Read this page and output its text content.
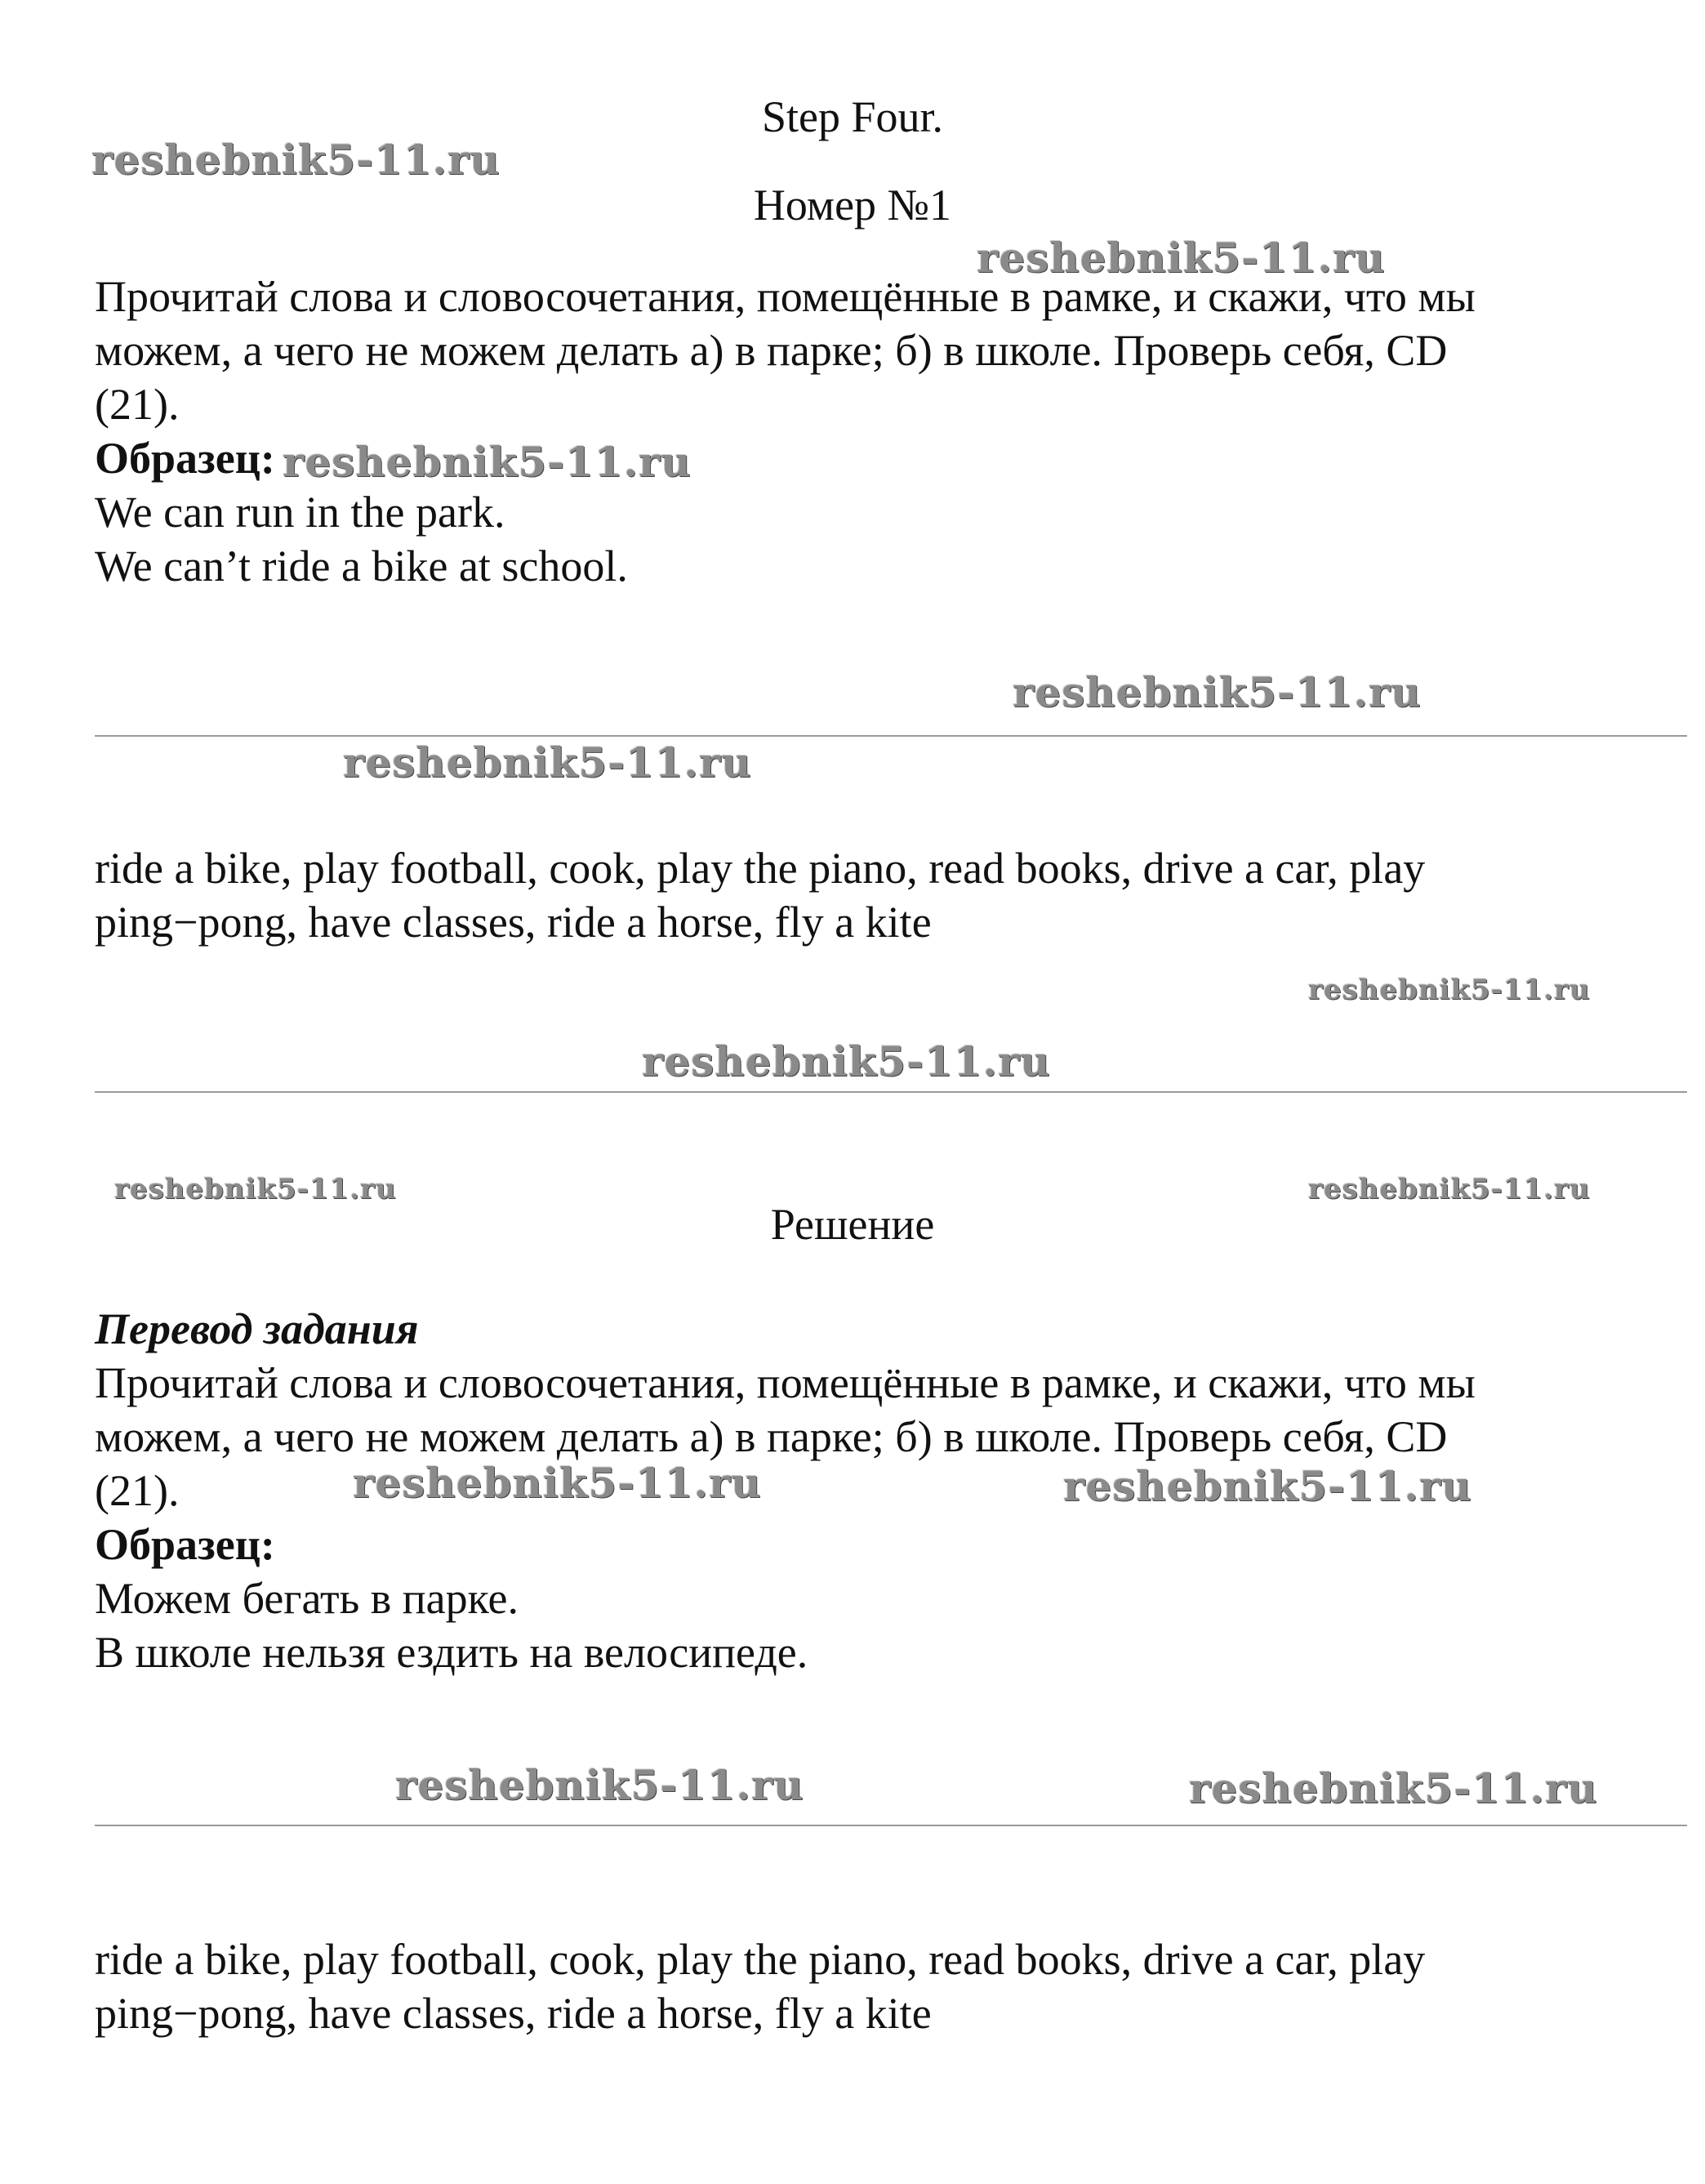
Step Four.
Номер №1
Прочитай слова и словосочетания, помещённые в рамке, и скажи, что мы
можем, а чего не можем делать а) в парке; б) в школе. Проверь себя, CD
(21).
Образец:
We can run in the park.
We can’t ride a bike at school.
ride a bike, play football, cook, play the piano, read books, drive a car, play
ping−pong, have classes, ride a horse, fly a kite
Решение
Перевод задания
Прочитай слова и словосочетания, помещённые в рамке, и скажи, что мы
можем, а чего не можем делать а) в парке; б) в школе. Проверь себя, CD
(21).
Образец:
Можем бегать в парке.
В школе нельзя ездить на велосипеде.
ride a bike, play football, cook, play the piano, read books, drive a car, play
ping−pong, have classes, ride a horse, fly a kite
reshebnik5-11.ru
reshebnik5-11.ru
reshebnik5-11.ru
reshebnik5-11.ru
reshebnik5-11.ru
reshebnik5-11.ru
reshebnik5-11.ru
reshebnik5-11.ru	reshebnik5-11.ru
reshebnik5-11.ru	reshebnik5-11.ru
reshebnik5-11.ru	reshebnik5-11.ru
